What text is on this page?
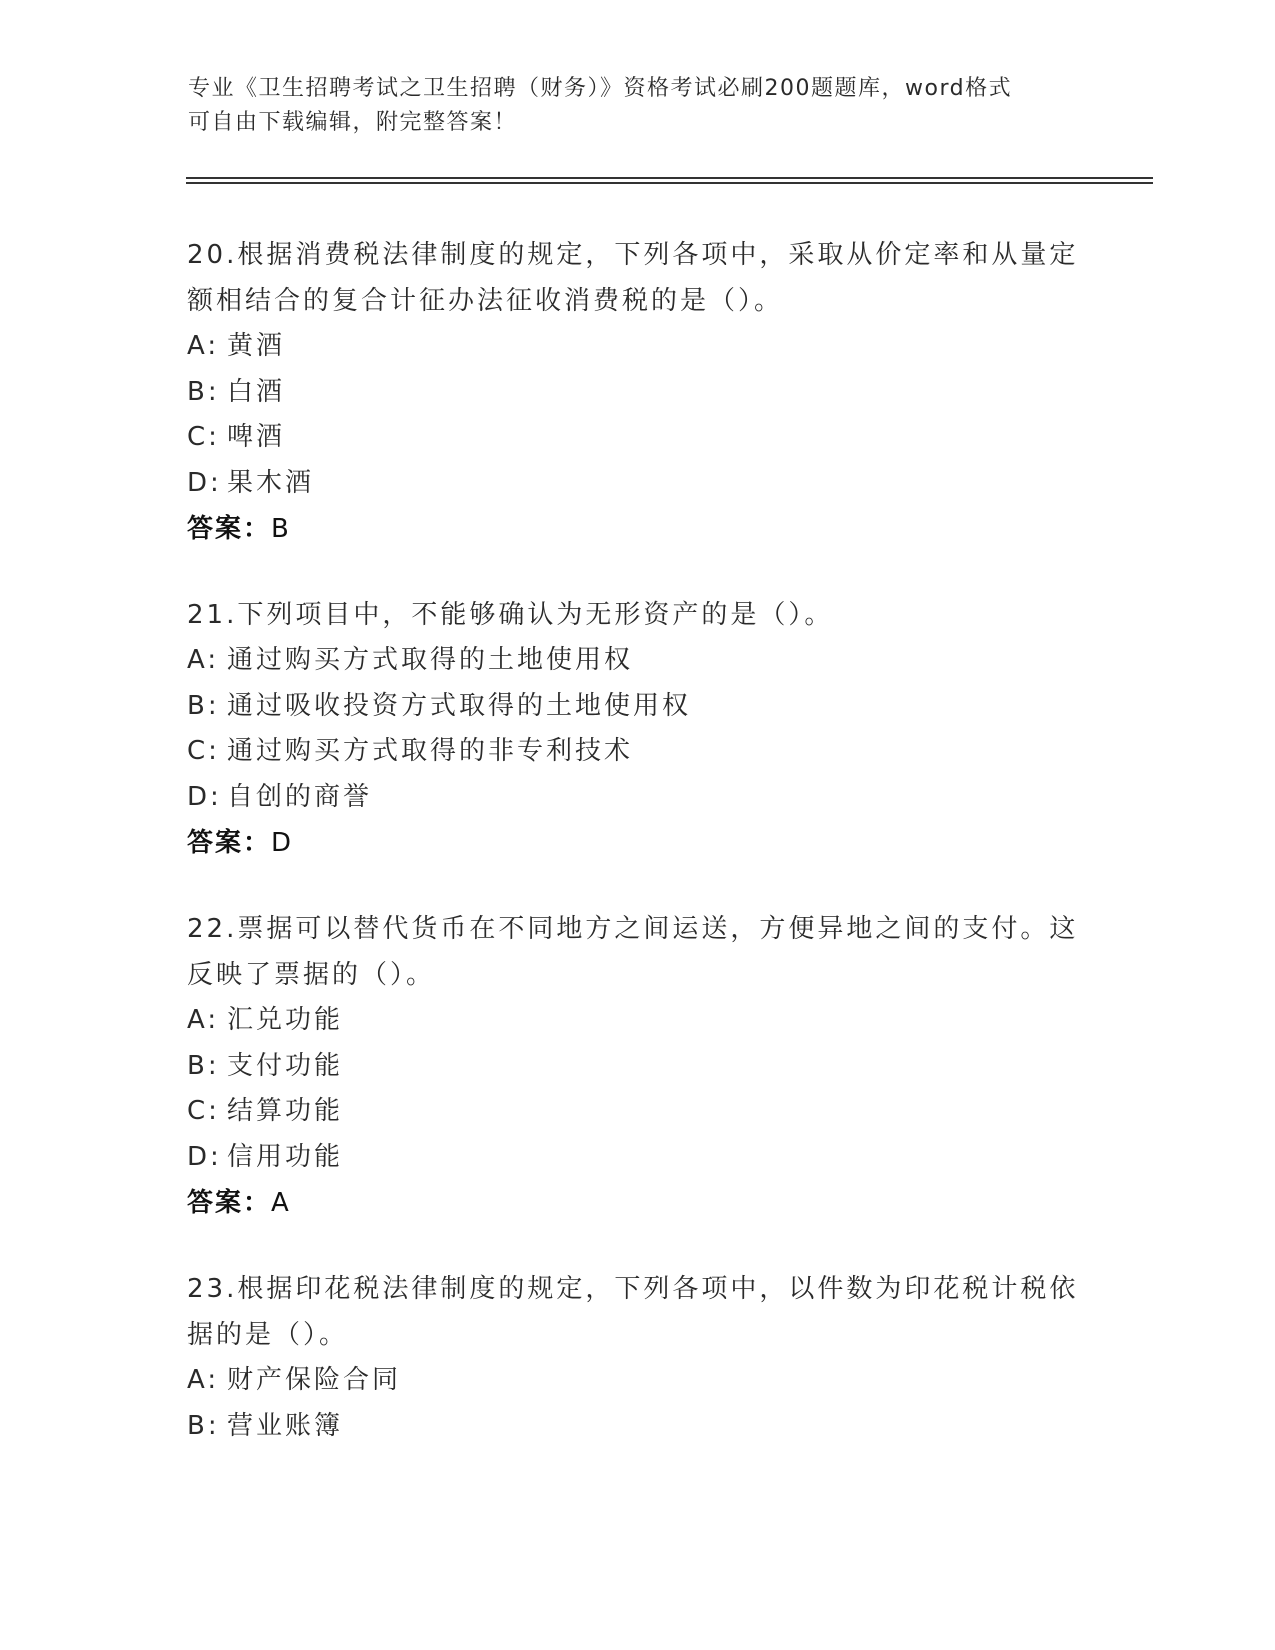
专业《卫生招聘考试之卫生招聘（财务）》资格考试必刷200题题库，word格式
可自由下载编辑，附完整答案！
20.根据消费税法律制度的规定，下列各项中，采取从价定率和从量定
额相结合的复合计征办法征收消费税的是（）。
A: 黄酒
B: 白酒
C: 啤酒
D: 果木酒
答案：B
21.下列项目中，不能够确认为无形资产的是（）。
A: 通过购买方式取得的土地使用权
B: 通过吸收投资方式取得的土地使用权
C: 通过购买方式取得的非专利技术
D: 自创的商誉
答案：D
22.票据可以替代货币在不同地方之间运送，方便异地之间的支付。这
反映了票据的（）。
A: 汇兑功能
B: 支付功能
C: 结算功能
D: 信用功能
答案：A
23.根据印花税法律制度的规定，下列各项中，以件数为印花税计税依
据的是（）。
A: 财产保险合同
B: 营业账簿
